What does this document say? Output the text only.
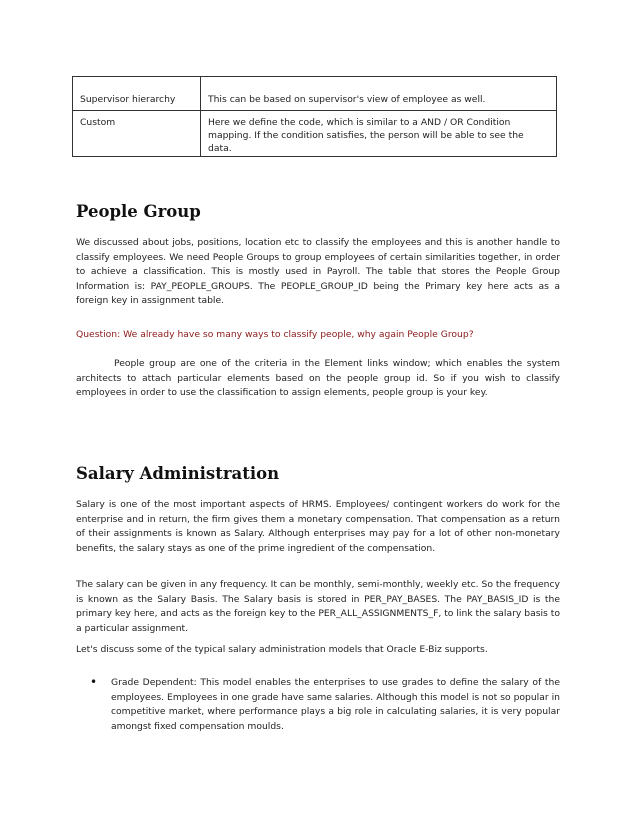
Supervisor hierarchy	This can be based on supervisor's view of employee as well.
Custom	Here we define the code, which is similar to a AND / OR Condition mapping. If the condition satisfies, the person will be able to see the data.
People Group

We discussed about jobs, positions, location etc to classify the employees and this is another handle to classify employees. We need People Groups to group employees of certain similarities together, in order to achieve a classification. This is mostly used in Payroll. The table that stores the People Group Information is: PAY_PEOPLE_GROUPS. The PEOPLE_GROUP_ID being the Primary key here acts as a foreign key in assignment table.

Question: We already have so many ways to classify people, why again People Group?

People group are one of the criteria in the Element links window; which enables the system architects to attach particular elements based on the people group id. So if you wish to classify employees in order to use the classification to assign elements, people group is your key.

Salary Administration

Salary is one of the most important aspects of HRMS. Employees/ contingent workers do work for the enterprise and in return, the firm gives them a monetary compensation. That compensation as a return of their assignments is known as Salary. Although enterprises may pay for a lot of other non-monetary benefits, the salary stays as one of the prime ingredient of the compensation.

The salary can be given in any frequency. It can be monthly, semi-monthly, weekly etc. So the frequency is known as the Salary Basis. The Salary basis is stored in PER_PAY_BASES. The PAY_BASIS_ID is the primary key here, and acts as the foreign key to the PER_ALL_ASSIGNMENTS_F, to link the salary basis to a particular assignment.

Let's discuss some of the typical salary administration models that Oracle E-Biz supports.

• Grade Dependent: This model enables the enterprises to use grades to define the salary of the employees. Employees in one grade have same salaries. Although this model is not so popular in competitive market, where performance plays a big role in calculating salaries, it is very popular amongst fixed compensation moulds.
